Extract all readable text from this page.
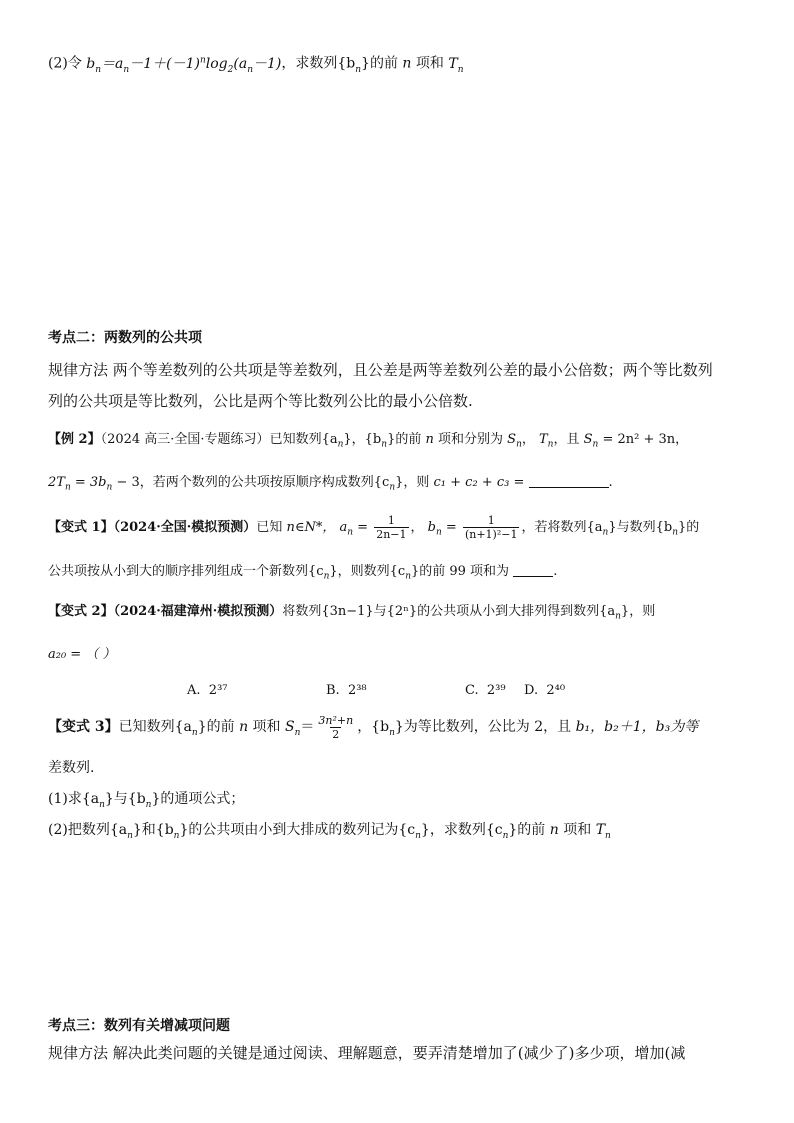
(2)令 $b_n=a_n-1+(-1)^n\log_2(a_n-1)$，求数列$\{b_n\}$的前 n 项和 $T_n$
考点二：两数列的公共项
规律方法 两个等差数列的公共项是等差数列，且公差是两等差数列公差的最小公倍数；两个等比数列
列的公共项是等比数列，公比是两个等比数列公比的最小公倍数.
【例 2】（2024 高三·全国·专题练习）已知数列$\{a_n\}$，$\{b_n\}$的前 n 项和分别为 $S_n$， $T_n$，且 $S_n = 2n^2 + 3n$，
$2T_n = 3b_n - 3$，若两个数列的公共项按原顺序构成数列$\{c_n\}$，则 c₁ + c₂ + c₃ =	.
【变式 1】（2024·全国·模拟预测）已知 n∈N*， $a_n = \frac{1}{2n-1}$ ， $b_n = \frac{1}{\text{(n+1)²−1}}$ ，若将数列$\{a_n\}$与数列$\{b_n\}$的
公共项按从小到大的顺序排列组成一个新数列$\{c_n\}$，则数列$\{c_n\}$的前 99 项和为	.
【变式 2】（2024·福建漳州·模拟预测）将数列{3n−1}与{2ⁿ}的公共项从小到大排列得到数列$\{a_n\}$，则
a₂₀ = （ ）
A. 2³⁷	B. 2³⁸	C. 2³⁹ D. 2⁴⁰
【变式 3】已知数列$\{a_n\}$的前 n 项和 $S_n= \frac{\text{3n²+n}}{2}$ ，$\{b_n\}$为等比数列，公比为 2，且 b₁，b₂＋1，b₃为等
差数列.
(1)求$\{a_n\}$与$\{b_n\}$的通项公式；
(2)把数列$\{a_n\}$和$\{b_n\}$的公共项由小到大排成的数列记为$\{c_n\}$，求数列$\{c_n\}$的前 n 项和 $T_n$
考点三：数列有关增减项问题
规律方法 解决此类问题的关键是通过阅读、理解题意，要弄清楚增加了(减少了)多少项，增加(减
